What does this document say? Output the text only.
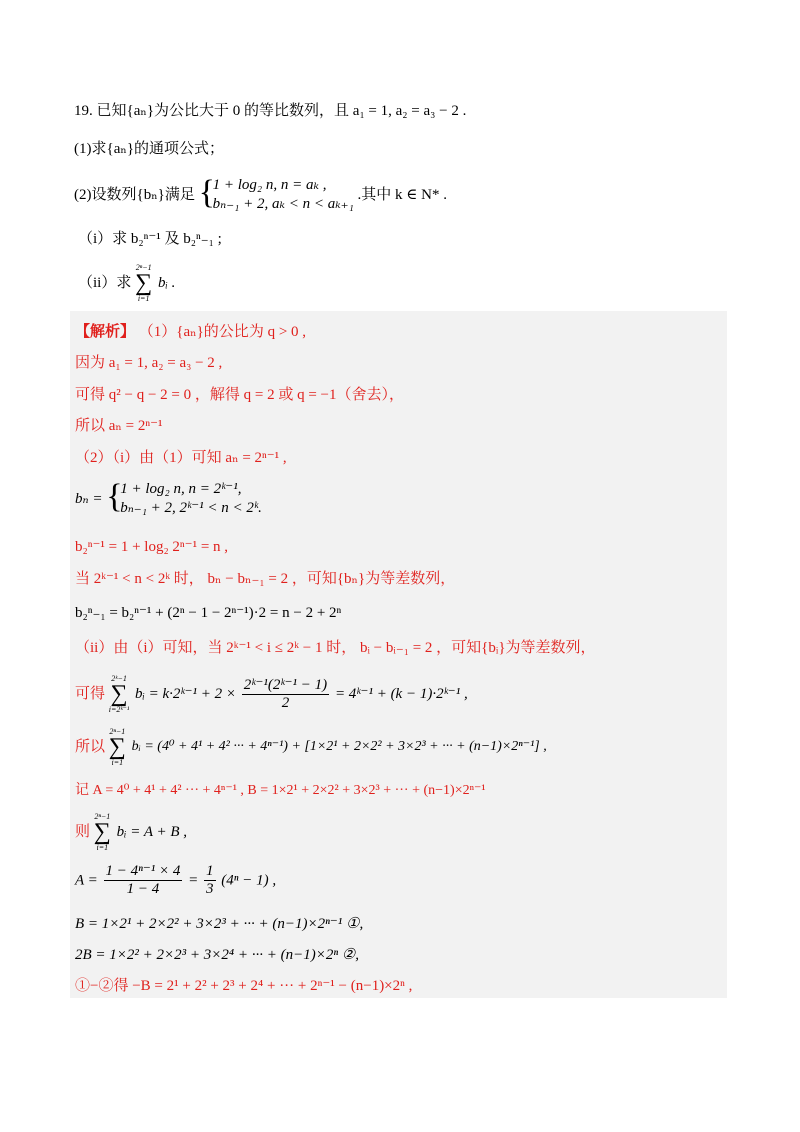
19. 已知{aₙ}为公比大于 0 的等比数列，且 a₁ = 1, a₂ = a₃ − 2 .
(1)求{aₙ}的通项公式；
(2)设数列{bₙ}满足 {
1 + log₂ n, n = aₖ ,
bₙ₋₁ + 2, aₖ < n < aₖ₊₁
.其中 k ∈ N* .
（i）求 b₂ⁿ⁻¹ 及 b₂ⁿ₋₁ ;
（ii）求
2ⁿ−1
∑
i=1
bᵢ .
【解析】 （1）{aₙ}的公比为 q > 0 ,
因为 a₁ = 1, a₂ = a₃ − 2 ,
可得 q² − q − 2 = 0 ，解得 q = 2 或 q = −1（舍去），
所以 aₙ = 2ⁿ⁻¹
（2）（i）由（1）可知 aₙ = 2ⁿ⁻¹ ,
bₙ = {
1 + log₂ n, n = 2ᵏ⁻¹,
bₙ₋₁ + 2, 2ᵏ⁻¹ < n < 2ᵏ.
b₂ⁿ⁻¹ = 1 + log₂ 2ⁿ⁻¹ = n ,
当 2ᵏ⁻¹ < n < 2ᵏ 时， bₙ − bₙ₋₁ = 2 ，可知{bₙ}为等差数列，
b₂ⁿ₋₁ = b₂ⁿ⁻¹ + (2ⁿ − 1 − 2ⁿ⁻¹)·2 = n − 2 + 2ⁿ
（ii）由（i）可知，当 2ᵏ⁻¹ < i ≤ 2ᵏ − 1 时， bᵢ − bᵢ₋₁ = 2 ，可知{bᵢ}为等差数列，
可得
2ᵏ−1
∑
i=2ᵏ⁻¹
bᵢ = k·2ᵏ⁻¹ + $2 \times \frac{\text{2ᵏ⁻¹(2ᵏ⁻¹ − 1)}}{2}$ = 4ᵏ⁻¹ + (k − 1)·2ᵏ⁻¹ ,
所以
2ⁿ−1
∑
i=1
bᵢ = (4⁰ + 4¹ + 4² ··· + 4ⁿ⁻¹) + [1×2¹ + 2×2² + 3×2³ + ··· + (n−1)×2ⁿ⁻¹] ,
记 A = 4⁰ + 4¹ + 4² ··· + 4ⁿ⁻¹ , B = 1×2¹ + 2×2² + 3×2³ + ··· + (n−1)×2ⁿ⁻¹
则
2ⁿ−1
∑
i=1
bᵢ = A + B ,
$A = \frac{\text{1 − 4ⁿ⁻¹ × 4}}{1 - 4} = \frac{1}{3} (4^n - 1)$ ,
B = 1×2¹ + 2×2² + 3×2³ + ··· + (n−1)×2ⁿ⁻¹ ①,
2B = 1×2² + 2×2³ + 3×2⁴ + ··· + (n−1)×2ⁿ ②,
①−②得 −B = 2¹ + 2² + 2³ + 2⁴ + ··· + 2ⁿ⁻¹ − (n−1)×2ⁿ ,
